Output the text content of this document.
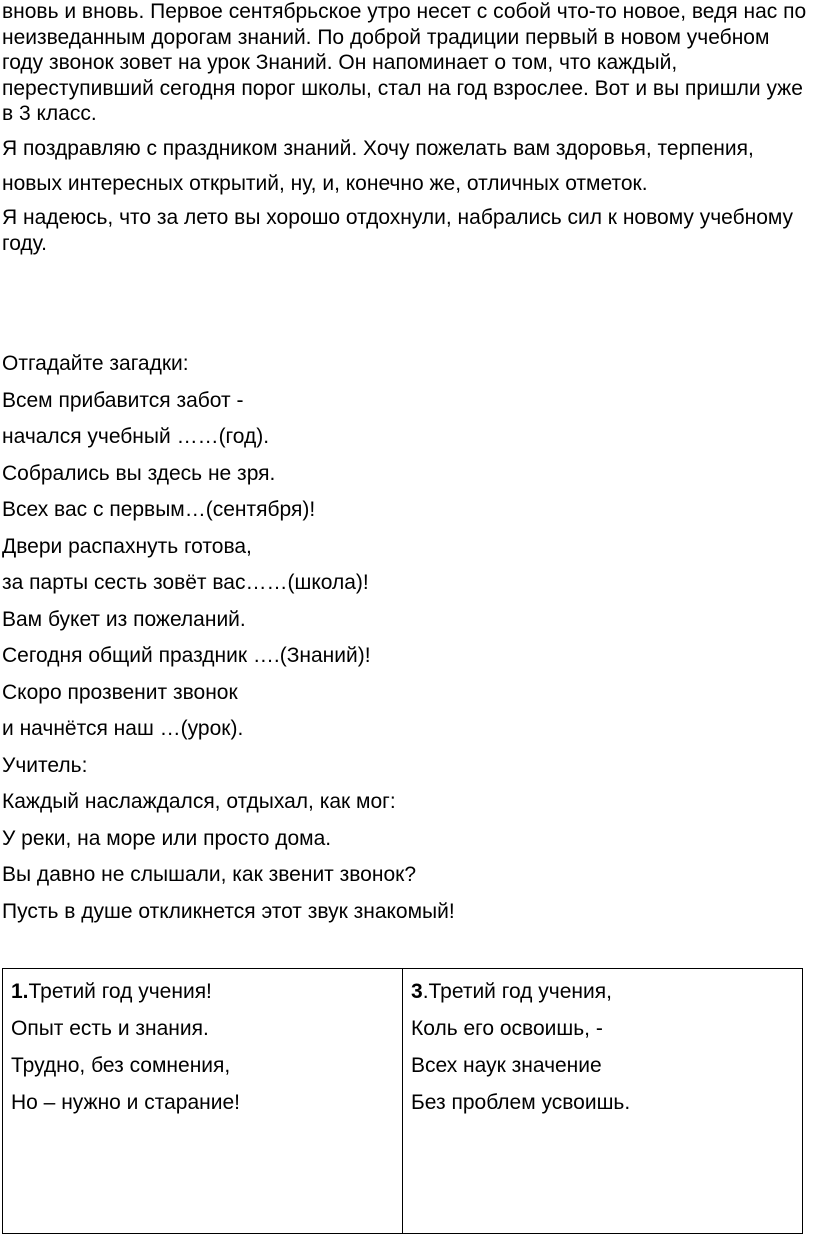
вновь и вновь. Первое сентябрьское утро несет с собой что-то новое, ведя нас по неизведанным дорогам знаний. По доброй традиции первый в новом учебном году звонок зовет на урок Знаний. Он напоминает о том, что каждый, переступивший сегодня порог школы, стал на год взрослее. Вот и вы пришли уже в 3 класс.

Я поздравляю с праздником знаний. Хочу пожелать вам здоровья, терпения,

новых интересных открытий, ну, и, конечно же, отличных отметок.

Я надеюсь, что за лето вы хорошо отдохнули, набрались сил к новому учебному году.

Отгадайте загадки:
Всем прибавится забот -
начался учебный ……(год).
Собрались вы здесь не зря.
Всех вас с первым…(сентября)!
Двери распахнуть готова,
за парты сесть зовёт вас……(школа)!
Вам букет из пожеланий.
Сегодня общий праздник ….(Знаний)!
Скоро прозвенит звонок
и начнётся наш …(урок).
Учитель:
Каждый наслаждался, отдыхал, как мог:
У реки, на море или просто дома.
Вы давно не слышали, как звенит звонок?
Пусть в душе откликнется этот звук знакомый!
1.Третий год учения!
Опыт есть и знания.
Трудно, без сомнения,
Но – нужно и старание!
3.Третий год учения,
Коль его освоишь, -
Всех наук значение
Без проблем усвоишь.
